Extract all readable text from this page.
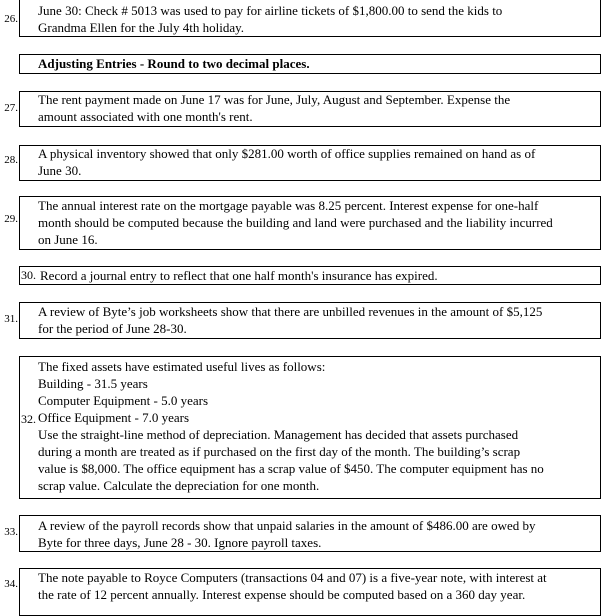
26.
June 30: Check # 5013 was used to pay for airline tickets of $1,800.00 to send the kids to
Grandma Ellen for the July 4th holiday.
Adjusting Entries - Round to two decimal places.
27.
The rent payment made on June 17 was for June, July, August and September. Expense the
amount associated with one month's rent.
28. A physical inventory showed that only $281.00 worth of office supplies remained on hand as of
June 30.
29.
The annual interest rate on the mortgage payable was 8.25 percent. Interest expense for one-half
month should be computed because the building and land were purchased and the liability incurred
on June 16.
30. Record a journal entry to reflect that one half month's insurance has expired.
31. A review of Byte’s job worksheets show that there are unbilled revenues in the amount of $5,125
for the period of June 28-30.
32.
The fixed assets have estimated useful lives as follows:
Building - 31.5 years
Computer Equipment - 5.0 years
Office Equipment - 7.0 years
Use the straight-line method of depreciation. Management has decided that assets purchased
during a month are treated as if purchased on the first day of the month. The building’s scrap
value is $8,000. The office equipment has a scrap value of $450. The computer equipment has no
scrap value. Calculate the depreciation for one month.
33. A review of the payroll records show that unpaid salaries in the amount of $486.00 are owed by
Byte for three days, June 28 - 30. Ignore payroll taxes.
34. The note payable to Royce Computers (transactions 04 and 07) is a five-year note, with interest at
the rate of 12 percent annually. Interest expense should be computed based on a 360 day year.
